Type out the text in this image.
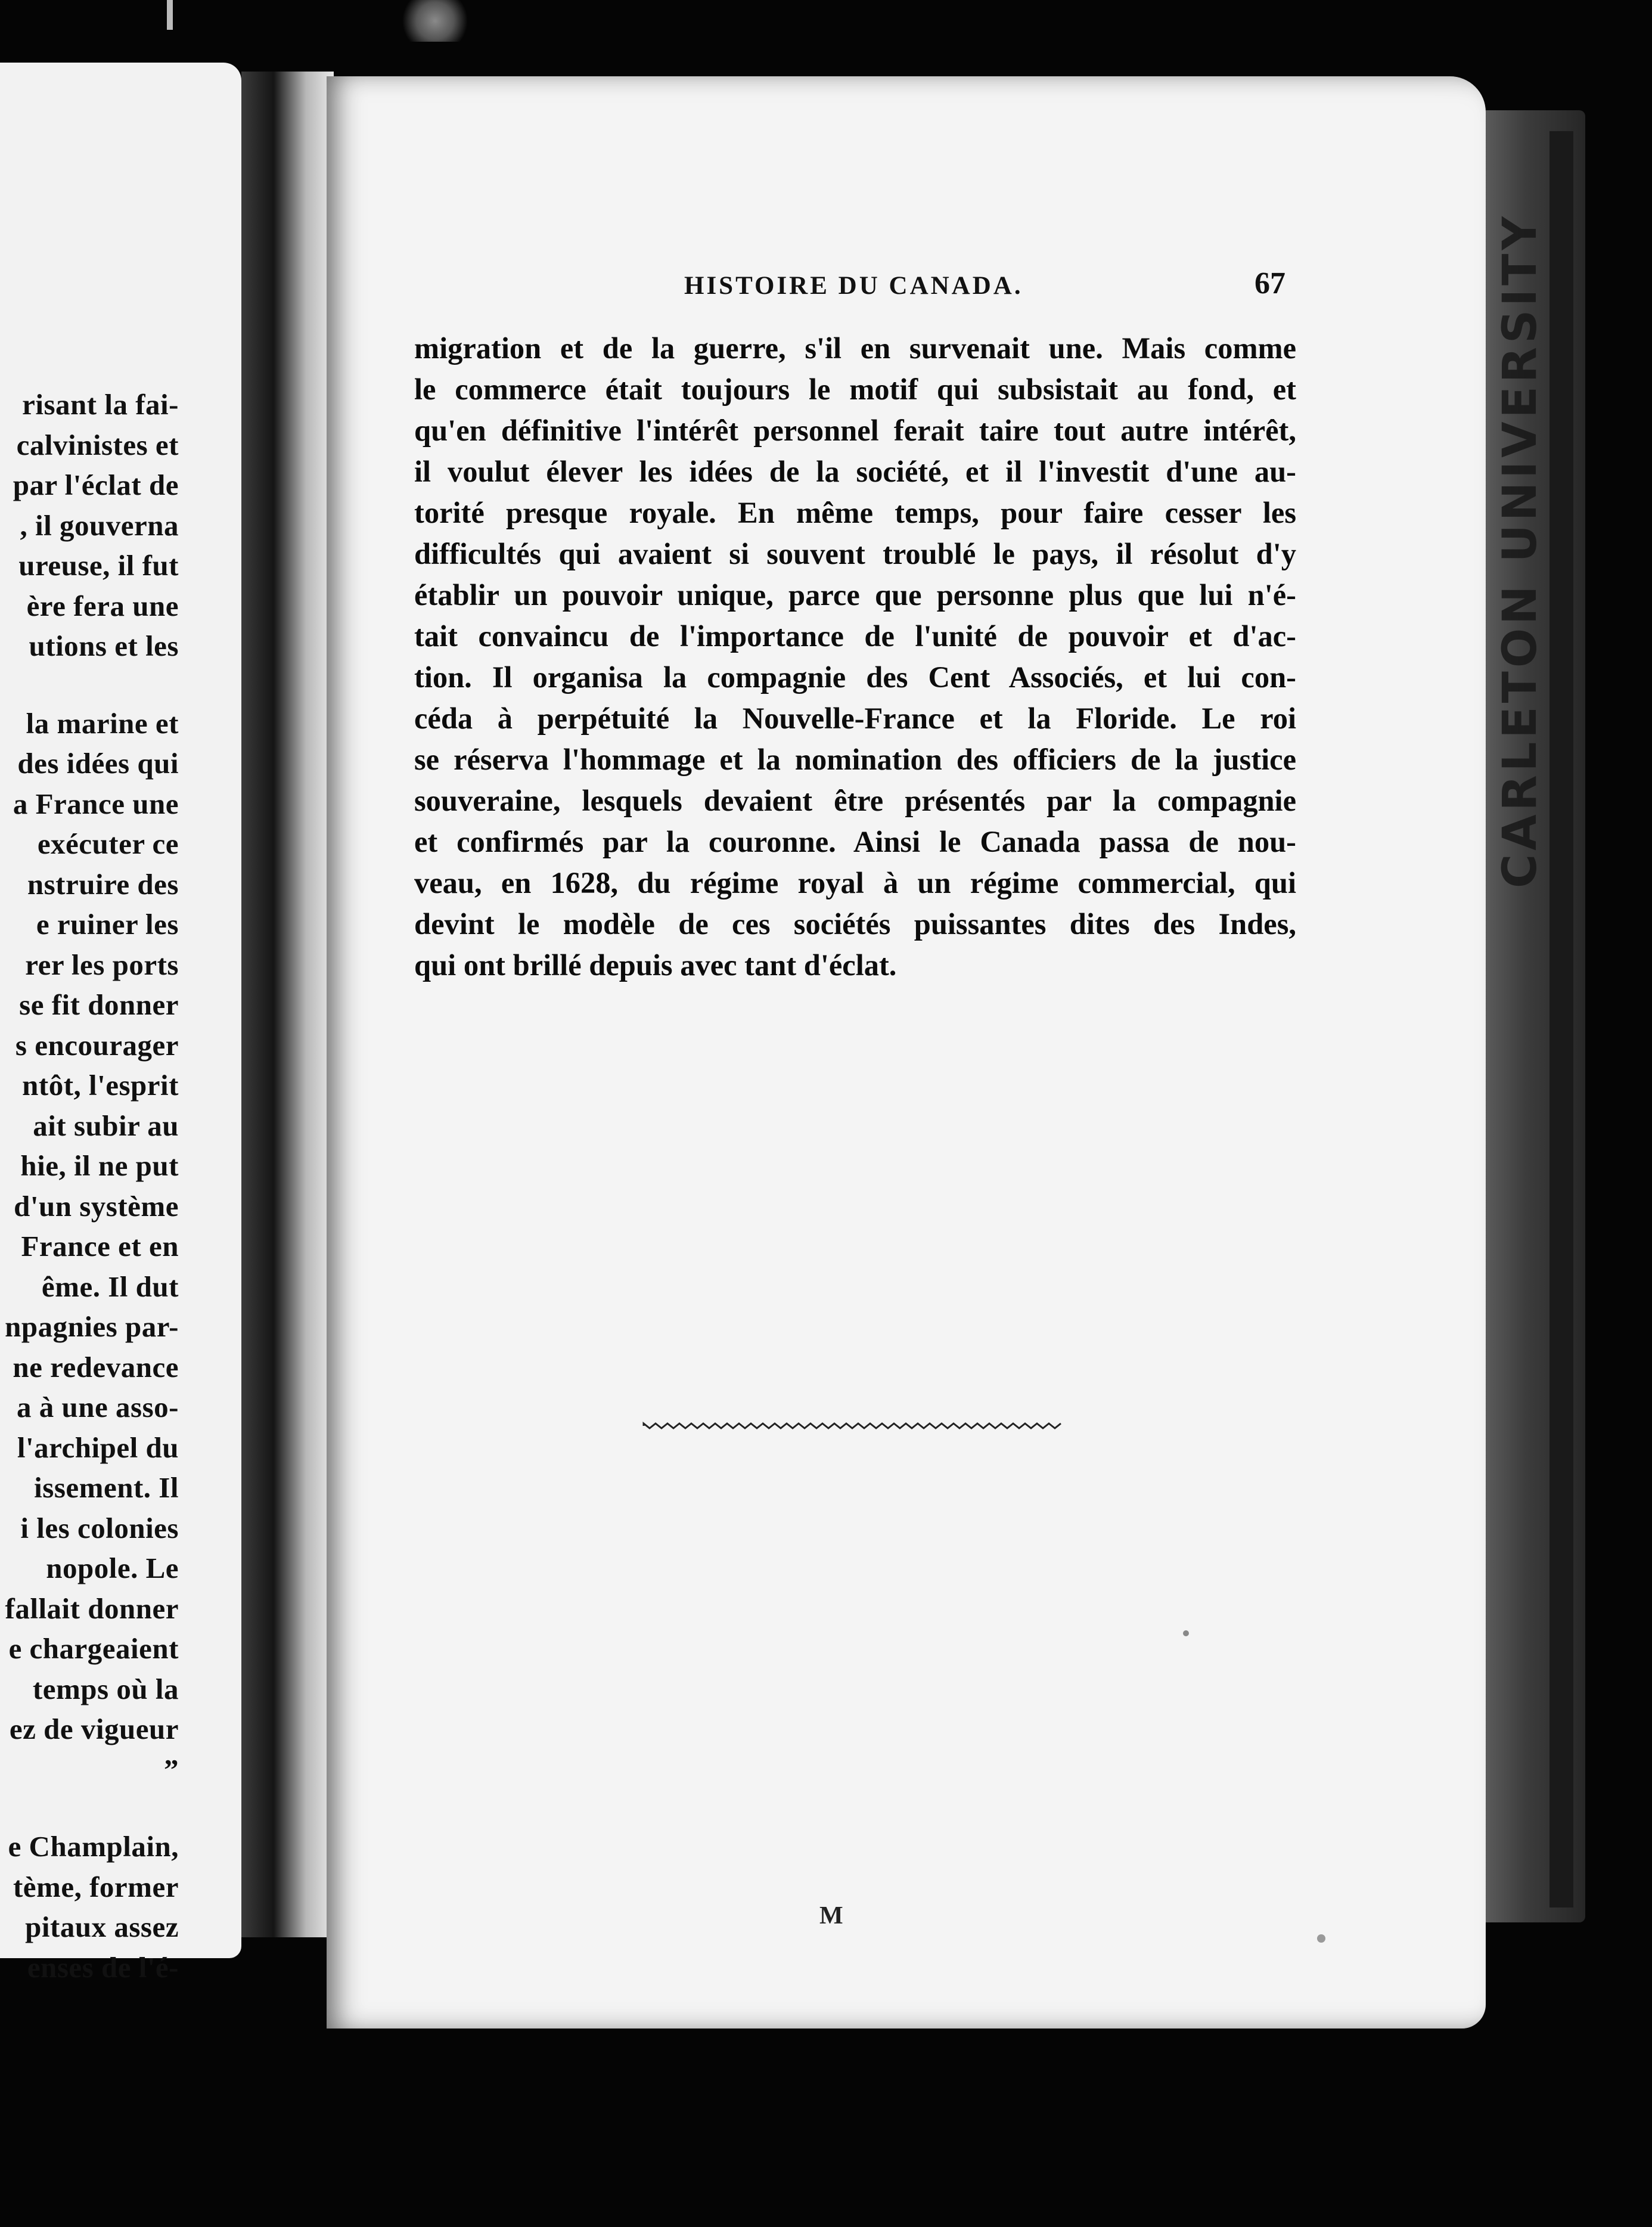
risant la fai-
calvinistes et
par l'éclat de
, il gouverna
ureuse, il fut
ère fera une
utions et les
la marine et
des idées qui
a France une
exécuter ce
nstruire des
e ruiner les
rer les ports
se fit donner
s encourager
ntôt, l'esprit
ait subir au
hie, il ne put
d'un système
France et en
ême. Il dut
npagnies par-
ne redevance
a à une asso-
l'archipel du
issement. Il
i les colonies
nopole. Le
fallait donner
e chargeaient
temps où la
ez de vigueur
”
e Champlain,
tème, former
pitaux assez
enses de l'é-
CARLETON UNIVERSITY
HISTOIRE DU CANADA.	67
migration et de la guerre, s'il en survenait une. Mais comme
le commerce était toujours le motif qui subsistait au fond, et
qu'en définitive l'intérêt personnel ferait taire tout autre intérêt,
il voulut élever les idées de la société, et il l'investit d'une au-
torité presque royale. En même temps, pour faire cesser les
difficultés qui avaient si souvent troublé le pays, il résolut d'y
établir un pouvoir unique, parce que personne plus que lui n'é-
tait convaincu de l'importance de l'unité de pouvoir et d'ac-
tion. Il organisa la compagnie des Cent Associés, et lui con-
céda à perpétuité la Nouvelle-France et la Floride. Le roi
se réserva l'hommage et la nomination des officiers de la justice
souveraine, lesquels devaient être présentés par la compagnie
et confirmés par la couronne. Ainsi le Canada passa de nou-
veau, en 1628, du régime royal à un régime commercial, qui
devint le modèle de ces sociétés puissantes dites des Indes,
qui ont brillé depuis avec tant d'éclat.
M
